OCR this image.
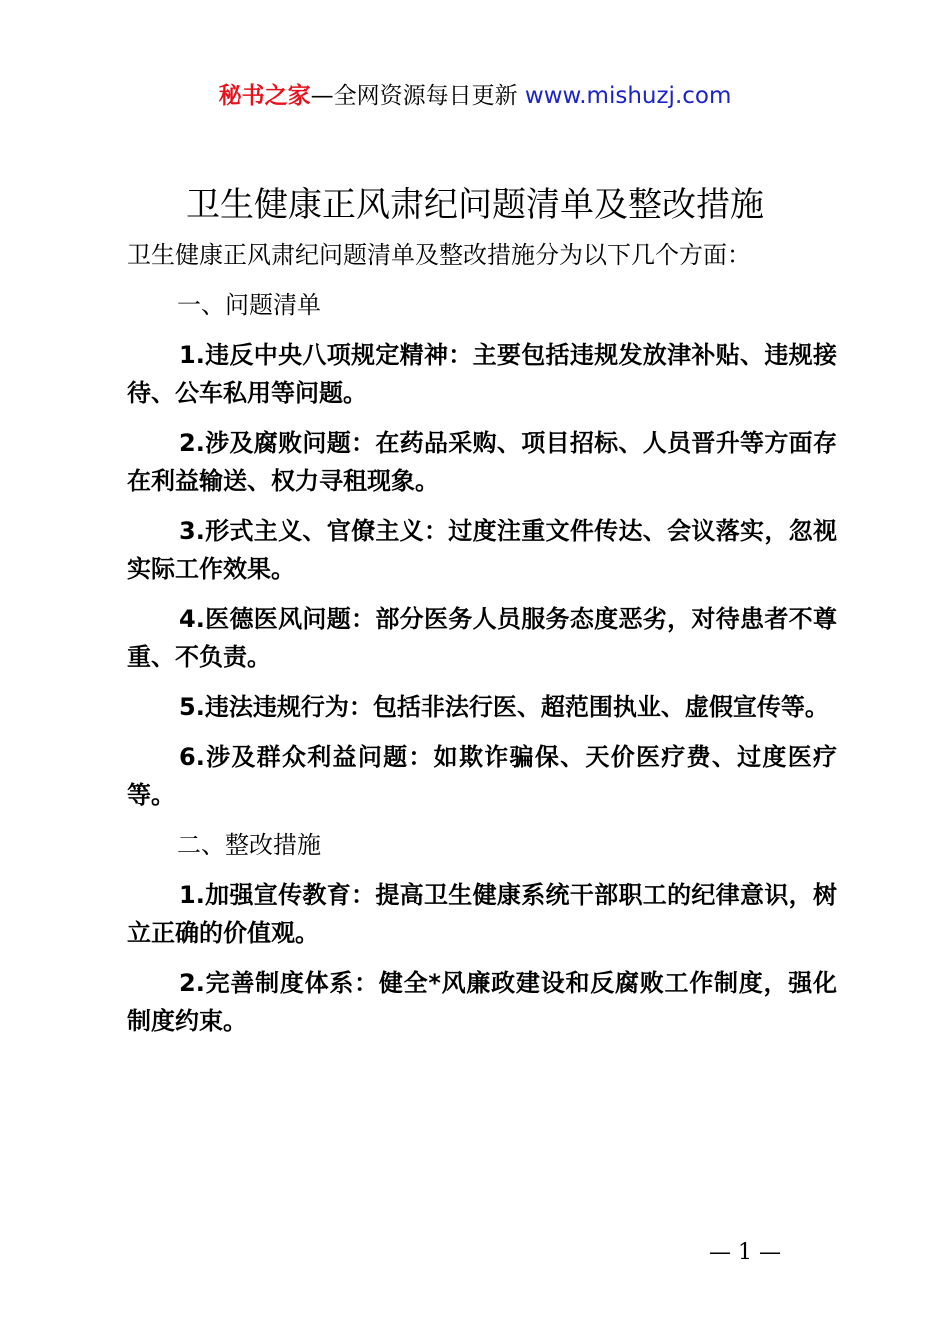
秘书之家—全网资源每日更新 www.mishuzj.com
卫生健康正风肃纪问题清单及整改措施

卫生健康正风肃纪问题清单及整改措施分为以下几个方面：

一、问题清单

1.违反中央八项规定精神：主要包括违规发放津补贴、违规接待、公车私用等问题。

2.涉及腐败问题：在药品采购、项目招标、人员晋升等方面存在利益输送、权力寻租现象。

3.形式主义、官僚主义：过度注重文件传达、会议落实，忽视实际工作效果。

4.医德医风问题：部分医务人员服务态度恶劣，对待患者不尊重、不负责。

5.违法违规行为：包括非法行医、超范围执业、虚假宣传等。

6.涉及群众利益问题：如欺诈骗保、天价医疗费、过度医疗等。

二、整改措施

1.加强宣传教育：提高卫生健康系统干部职工的纪律意识，树立正确的价值观。

2.完善制度体系：健全*风廉政建设和反腐败工作制度，强化制度约束。

— 1 —
